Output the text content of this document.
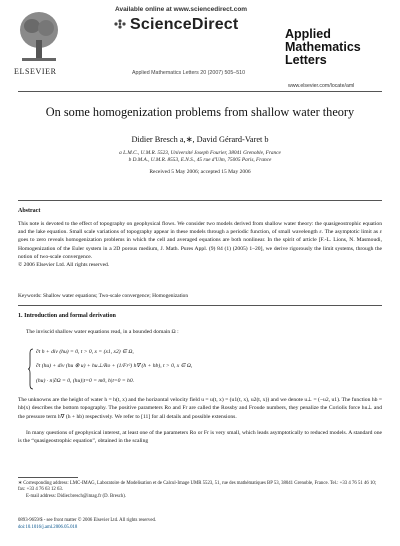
ELSEVIER
Available online at www.sciencedirect.com
ScienceDirect
Applied Mathematics Letters 20 (2007) 505–510
Applied
Mathematics
Letters
www.elsevier.com/locate/aml
On some homogenization problems from shallow water theory
Didier Bresch a,∗, David Gérard-Varet b
a L.M.C., U.M.R. 5523, Université Joseph Fourier, 38041 Grenoble, France
b D.M.A., U.M.R. 8553, E.N.S., 45 rue d'Ulm, 75005 Paris, France
Received 5 May 2006; accepted 15 May 2006
Abstract
This note is devoted to the effect of topography on geophysical flows. We consider two models derived from shallow water theory: the quasigeostrophic equation and the lake equation. Small scale variations of topography appear in these models through a periodic function, of small wavelength ε. The asymptotic limit as ε goes to zero reveals homogenization problems in which the cell and averaged equations are both nonlinear. In the spirit of article [F.-L. Lions, N. Masmoudi, Homogenization of the Euler system in a 2D porous medium, J. Math. Pures Appl. (9) 84 (1) (2005) 1–20], we derive rigorously the limit systems, through the notion of two-scale convergence.
© 2006 Elsevier Ltd. All rights reserved.
Keywords: Shallow water equations; Two-scale convergence; Homogenization
1. Introduction and formal derivation
The inviscid shallow water equations read, in a bounded domain Ω :
∂t h + div (hu) = 0, t > 0, x = (x1, x2) ∈ Ω,
∂t (hu) + div (hu ⊗ u) + hu⊥/Ro + (1/Fr²) h∇ (h + hb), t > 0, x ∈ Ω,
(hu) · n|∂Ω = 0, (hu)|t=0 = m0, h|t=0 = h0.
The unknowns are the height of water h = h(t, x) and the horizontal velocity field u = u(t, x) = (u1(t, x), u2(t, x)) and we denote u⊥ = (−u2, u1). The function hb = hb(x) describes the bottom topography. The positive parameters Ro and Fr are called the Rossby and Froude numbers, they penalize the Coriolis force hu⊥ and the pressure term h∇ (h + hb) respectively. We refer to [11] for all details and possible extensions.
In many questions of geophysical interest, at least one of the parameters Ro or Fr is very small, which leads asymptotically to reduced models. A standard one is the “quasigeostrophic equation”, obtained in the scaling
∗ Corresponding address: LMC-IMAG, Laboratoire de Modelisation et de Calcul-Image UMR 5523, 51, rue des mathématiques BP 53, 38041 Grenoble, France. Tel.: +33 4 76 51 46 10; fax: +33 4 76 63 12 63.
E-mail address: Didier.bresch@imag.fr (D. Bresch).
0893-9659/$ - see front matter © 2006 Elsevier Ltd. All rights reserved.
doi:10.1016/j.aml.2006.05.018
